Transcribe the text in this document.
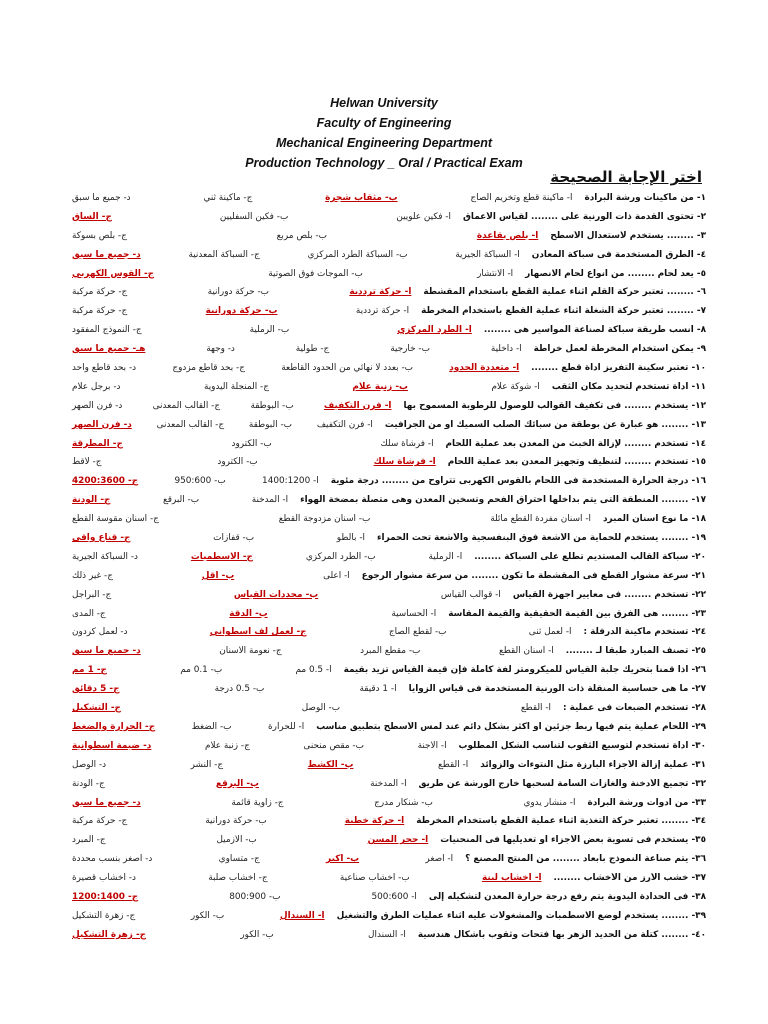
Helwan University
Faculty of Engineering
Mechanical Engineering Department
Production Technology _ Oral / Practical Exam
اختر الإجابة الصحيحة
١- من ماكينات ورشة البرادة
أ- ماكينة قطع وتخريم الصاج
ب- مثقاب شجرة
ج- ماكينة ثني
د- جميع ما سبق
٢- تحتوى القدمة ذات الورنية على ........ لقياس الأعماق
أ- فكين علويين
ب- فكين السفليين
ج- الساق
٣- ........ يستخدم لاستعدال الأسطح
أ- بلص بقاعدة
ب- بلص مربع
ج- بلص بسوكة
٤- الطرق المستخدمة فى سباكة المعادن
أ- السباكة الجيرية
ب- السباكة الطرد المركزي
ج- السباكة المعدنية
د- جميع ما سبق
٥- يعد لحام ........ من أنواع لحام الانصهار
أ- الانتشار
ب- الموجات فوق الصوتية
ج- القوس الكهربي
٦- ........ تعتبر حركة القلم أثناء عملية القطع باستخدام المقشطة
أ- حركة ترددية
ب- حركة دورانية
ج- حركة مركبة
٧- ........ تعتبر حركة الشغلة أثناء عملية القطع باستخدام المخرطة
أ- حركة ترددية
ب- حركة دورانية
ج- حركة مركبة
٨- أنسب طريقة سباكة لصناعة المواسير هى ........
أ- الطرد المركزي
ب- الرملية
ج- النموذج المفقود
٩- يمكن استخدام المخرطة لعمل خراطة
أ- داخلية
ب- خارجية
ج- طولية
د- وجهة
هـ- جميع ما سبق
١٠- تعتبر سكينة التفريز أداة قطع ........
أ- متعددة الحدود
ب- بعدد لا نهائي من الحدود القاطعة
ج- بحد قاطع مزدوج
د- بحد قاطع واحد
١١- أداة تستخدم لتحديد مكان الثقب
أ- شوكة علام
ب- زنبة علام
ج- المنجلة اليدوية
د- برجل علام
١٢- يستخدم ........ فى تكفيف القوالب للوصول للرطوبة المسموح بها
أ- فرن التكفيف
ب- البوطقة
ج- القالب المعدنى
د- فرن الصهر
١٣- ........ هو عبارة عن بوطقة من سبائك الصلب السميك أو من الجرافيت
أ- فرن التكفيف
ب- البوطقة
ج- القالب المعدنى
د- فرن الصهر
١٤- تستخدم ........ لإزالة الخبث من المعدن بعد عملية اللحام
أ- فرشاة سلك
ب- الكترود
ج- المطرقة
١٥- تستخدم ........ لتنظيف وتجهيز المعدن بعد عملية اللحام
أ- فرشاة سلك
ب- الكترود
ج- لاقط
١٦- درجة الحرارة المستخدمة فى اللحام بالقوس الكهربى تتراوح من ........ درجة مئوية
أ- 1400:1200
ب- 950:600
ج- 4200:3600
١٧- ........ المنطقة التى يتم بداخلها احتراق الفحم وتسخين المعدن وهى متصلة بمضخة الهواء
أ- المدخنة
ب- البرقع
ج- الودنة
١٨- ما نوع أسنان المبرد
أ- أسنان مفردة القطع مائلة
ب- أسنان مزدوجة القطع
ج- أسنان مقوسة القطع
١٩- ........ يستخدم للحماية من الأشعة فوق البنفسجية والأشعة تحت الحمراء
أ- بالطو
ب- قفازات
ج- قناع واقى
٢٠- سباكة القالب المستديم تطلع على السباكة ........
أ- الرملية
ب- الطرد المركزي
ج- الاسطمبات
د- السباكة الجيرية
٢١- سرعة مشوار القطع فى المقشطة ما تكون ........ من سرعة مشوار الرجوع
أ- أعلى
ب- أقل
ج- غير ذلك
٢٢- تستخدم ........ فى معايير أجهزة القياس
أ- قوالب القياس
ب- محددات القياس
ج- البراجل
٢٣- ........ هى الفرق بين القيمة الحقيقية والقيمة المقاسة
أ- الحساسية
ب- الدقة
ج- المدى
٢٤- تستخدم ماكينة الدرفلة :
أ- لعمل ثنى
ب- لقطع الصاج
ج- لعمل لف اسطواني
د- لعمل كردون
٢٥- تصنف المبارد طبقاً لـ ........
أ- أسنان القطع
ب- مقطع المبرد
ج- نعومة الأسنان
د- جميع ما سبق
٢٦- اذا قمنا بتحريك جلبة القياس للميكرومتر لفة كاملة فإن قيمة القياس تزيد بقيمة
أ- 0.5 مم
ب- 0.1 مم
ج- 1 مم
٢٧- ما هى حساسية المنقلة ذات الورنية المستخدمة فى قياس الزوايا
أ- 1 دقيقة
ب- 0.5 درجة
ج- 5 دقائق
٢٨- تستخدم الضبعات فى عملية :
أ- القطع
ب- الوصل
ج- التشكيل
٢٩- اللحام عملية يتم فيها ربط جزئين أو أكثر بشكل دائم عند لمس الأسطح بتطبيق مناسب
أ- للحرارة
ب- الضغط
ج- الحرارة والضغط
٣٠- أداة تستخدم لتوسيع الثقوب لتناسب الشكل المطلوب
أ- الأجنة
ب- مقص منحنى
ج- زنبة علام
د- ضيمة اسطوانية
٣١- عملية إزالة الأجزاء البارزة مثل النتوءات والزوائد
أ- القطع
ب- الكشط
ج- النشر
د- الوصل
٣٢- تجميع الأدخنة والغازات السامة لسحبها خارج الورشة عن طريق
أ- المدخنة
ب- البرقع
ج- الودنة
٣٣- من أدوات ورشة البرادة
أ- منشار يدوي
ب- شنكار مدرج
ج- زاوية قائمة
د- جميع ما سبق
٣٤- ........ تعتبر حركة التغذية أثناء عملية القطع باستخدام المخرطة
أ- حركة خطية
ب- حركة دورانية
ج- حركة مركبة
٣٥- يستخدم فى تسوية بعض الأجزاء أو تعديليها فى المنحنيات
أ- حجر المسن
ب- الأزميل
ج- المبرد
٣٦- يتم صناعة النموذج بأبعاد ........ من المنتج المصنع ؟
أ- أصغر
ب- أكبر
ج- متساوي
د- أصغر بنسب محددة
٣٧- خشب الأرز من الأخشاب ........
أ- أخشاب لينة
ب- أخشاب صناعية
ج- أخشاب صلبة
د- أخشاب قصيرة
٣٨- فى الحدادة اليدوية يتم رفع درجة حرارة المعدن لتشكيله إلى
أ- 500:600
ب- 800:900
ج- 1200:1400
٣٩- ........ يستخدم لوضع الاسطمبات والمشغولات عليه أثناء عمليات الطرق والتشغيل
أ- السندال
ب- الكور
ج- زهرة التشكيل
٤٠- ........ كتلة من الحديد الزهر بها فتحات وثقوب بأشكال هندسية
أ- السندال
ب- الكور
ج- زهرة التشكيل
